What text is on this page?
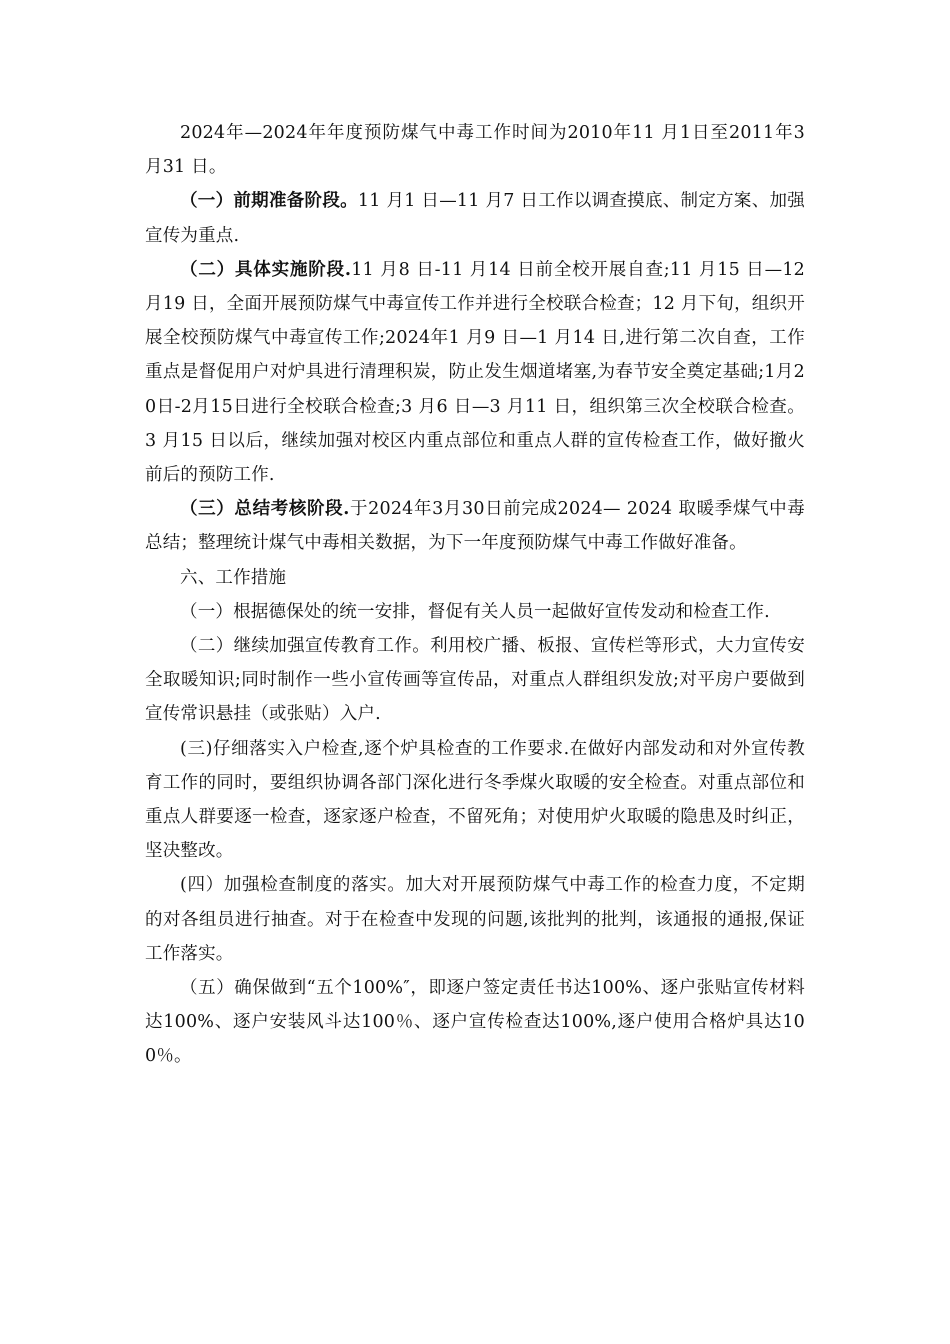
2024年—2024年年度预防煤气中毒工作时间为2010年11 月1日至2011年3 月31 日。

（一）前期准备阶段。11 月1 日—11 月7 日工作以调查摸底、制定方案、加强宣传为重点.

（二）具体实施阶段.11 月8 日-11 月14 日前全校开展自查;11 月15 日—12 月19 日，全面开展预防煤气中毒宣传工作并进行全校联合检查；12 月下旬，组织开展全校预防煤气中毒宣传工作;2024年1 月9 日—1 月14 日,进行第二次自查，工作重点是督促用户对炉具进行清理积炭，防止发生烟道堵塞,为春节安全奠定基础;1月20日-2月15日进行全校联合检查;3 月6 日—3 月11 日，组织第三次全校联合检查。 3 月15 日以后，继续加强对校区内重点部位和重点人群的宣传检查工作，做好撤火前后的预防工作.

（三）总结考核阶段.于2024年3月30日前完成2024— 2024 取暖季煤气中毒总结；整理统计煤气中毒相关数据，为下一年度预防煤气中毒工作做好准备。

六、工作措施

（一）根据德保处的统一安排，督促有关人员一起做好宣传发动和检查工作.

（二）继续加强宣传教育工作。利用校广播、板报、宣传栏等形式，大力宣传安全取暖知识;同时制作一些小宣传画等宣传品，对重点人群组织发放;对平房户要做到宣传常识悬挂（或张贴）入户.

(三)仔细落实入户检查,逐个炉具检查的工作要求.在做好内部发动和对外宣传教育工作的同时，要组织协调各部门深化进行冬季煤火取暖的安全检查。对重点部位和重点人群要逐一检查，逐家逐户检查，不留死角；对使用炉火取暖的隐患及时纠正，坚决整改。

(四）加强检查制度的落实。加大对开展预防煤气中毒工作的检查力度，不定期的对各组员进行抽查。对于在检查中发现的问题,该批判的批判，该通报的通报,保证工作落实。

（五）确保做到“五个100%″，即逐户签定责任书达100%、逐户张贴宣传材料达100%、逐户安装风斗达100％、逐户宣传检查达100%,逐户使用合格炉具达100％。
